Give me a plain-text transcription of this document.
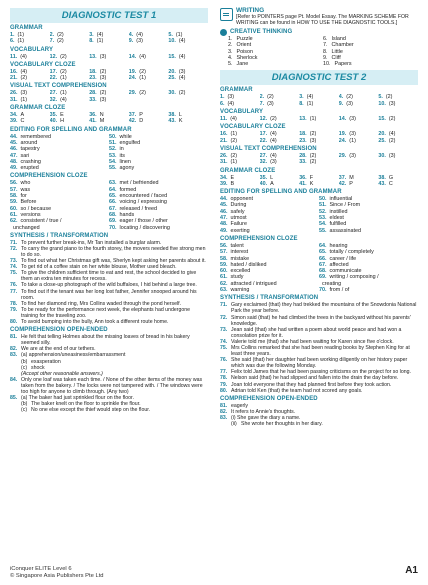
DIAGNOSTIC TEST 1
GRAMMAR
1. (1)	2. (2)	3. (4)	4. (4)	5. (1)
6. (1)	7. (2)	8. (1)	9. (3)	10. (4)
VOCABULARY
11. (4)	12. (2)	13. (3)	14. (4)	15. (4)
VOCABULARY CLOZE
16. (4)	17. (2)	18. (2)	19. (2)	20. (3)
21. (2)	22. (1)	23. (3)	24. (1)	25. (4)
VISUAL TEXT COMPREHENSION
26. (3)	27. (1)	28. (2)	29. (2)	30. (2)
31. (1)	32. (4)	33. (3)
GRAMMAR CLOZE
34. A	35. E	36. N	37. P	38. L
39. C	40. H	41. M	42. D	43. K
EDITING FOR SPELLING AND GRAMMAR
44. remembered	50. while
45. around	51. engulfed
46. tapestry	52. in
47. sari	53. its
48. crashing	54. linen
49. erupted	55. agony
COMPREHENSION CLOZE
56. who	63. met / befriended
57. was	64. formed
58. for	65. encountered / faced
59. Before	66. voicing / expressing
60. so / because	67. released / freed
61. versions	68. hands
62. consistent / true /	69. eager / those / other
unchanged	70. locating / discovering
SYNTHESIS / TRANSFORMATION
71. To prevent further break-ins, Mr Tan installed a burglar alarm.
72. To carry the grand piano to the fourth storey, the movers needed five strong men to do so.
73. To find out what her Christmas gift was, Sherlyn kept asking her parents about it.
74. To get rid of a coffee stain on her white blouse, Mother used bleach.
75. To give the children sufficient time to eat and rest, the school decided to give them an extra ten minutes for recess.
76. To take a close-up photograph of the wild buffaloes, I hid behind a large tree.
77. To find out if the tenant was her long lost father, Jennifer snooped around his room.
78. To find her diamond ring, Mrs Collins waded through the pond herself.
79. To be ready for the performance next week, the elephants had undergone training for the traveling zoo.
80. To avoid bumping into the bully, Ann took a different route home.
COMPREHENSION OPEN-ENDED
81. He felt that telling Holmes about the missing loaves of bread in his bakery seemed silly.
82. We are at the end of our tethers.
83. (a) apprehension/uneasiness/embarrassment
(b) exasperation
(c) shock
(Accept other reasonable answers.)
84. Only one loaf was taken each time. / None of the other items of the money was taken from the bakery. / The locks were not tampered with. / The windows were too high for anyone to climb through. (Any two)
85. (a) The baker had just sprinkled flour on the floor.
(b) The baker knelt on the floor to sprinkle the flour.
(c) No one else except the thief would step on the flour.
WRITING
[Refer to POINTERS page Pt. Model Essay. The MARKING SCHEME FOR WRITING can be found in HOW TO USE THE DIAGNOSTIC TOOLS.]
CREATIVE THINKING
1. Puzzle	6. Island
2. Orient	7. Chamber
3. Poison	8. Little
4. Sherlock	9. Cliff
5. Jane	10. Papers
DIAGNOSTIC TEST 2
GRAMMAR
1. (3)	2. (2)	3. (4)	4. (2)	5. (2)
6. (4)	7. (3)	8. (1)	9. (3)	10. (3)
VOCABULARY
11. (4)	12. (2)	13. (1)	14. (3)	15. (2)
VOCABULARY CLOZE
16. (1)	17. (4)	18. (2)	19. (3)	20. (4)
21. (2)	22. (4)	23. (3)	24. (1)	25. (2)
VISUAL TEXT COMPREHENSION
26. (2)	27. (4)	28. (2)	29. (3)	30. (3)
31. (1)	32. (3)	33. (2)
GRAMMAR CLOZE
34. E	35. L	36. F	37. M	38. G
39. B	40. A	41. K	42. P	43. C
EDITING FOR SPELLING AND GRAMMAR
44. opponent	50. influential
45. During	51. Since / From
46. safely	52. instilled
47. utmost	53. eldest
48. Failure	54. fulfilled
49. exerting	55. assassinated
COMPREHENSION CLOZE
56. talent	64. hearing
57. interest	65. totally / completely
58. mistake	66. career / life
59. hated / disliked	67. affected
60. excelled	68. communicate
61. study	69. writing / composing /
62. attracted / intrigued	creating
63. warning	70. from / of
SYNTHESIS / TRANSFORMATION
71. Gary exclaimed (that) they had trekked the mountains of the Snowdonia National Park the year before.
72. Simon said (that) he had climbed the trees in the backyard without his parents' knowledge.
73. Jean said (that) she had written a poem about world peace and had won a consolation prize for it.
74. Valerie told me (that) she had been waiting for Karen since five o'clock.
75. Mrs Collins remarked that she had been reading books by Stephen King for at least three years.
76. She said (that) her daughter had been working diligently on her history paper which was due the following Monday.
77. Felix told James that he had been passing criticisms on the project for so long.
78. Nelson said (that) he had slipped and fallen into the drain the day before.
79. Joan told everyone that they had planned first before they took action.
80. Adrian told Ken (that) the team had not scored any goals.
COMPREHENSION OPEN-ENDED
81. eagerly
82. It refers to Annie's thoughts.
83. (i) She gave the diary a name.
(ii) She wrote her thoughts in her diary.
iConquer ELITE Level 6
© Singapore Asia Publishers Pte Ltd	A1
